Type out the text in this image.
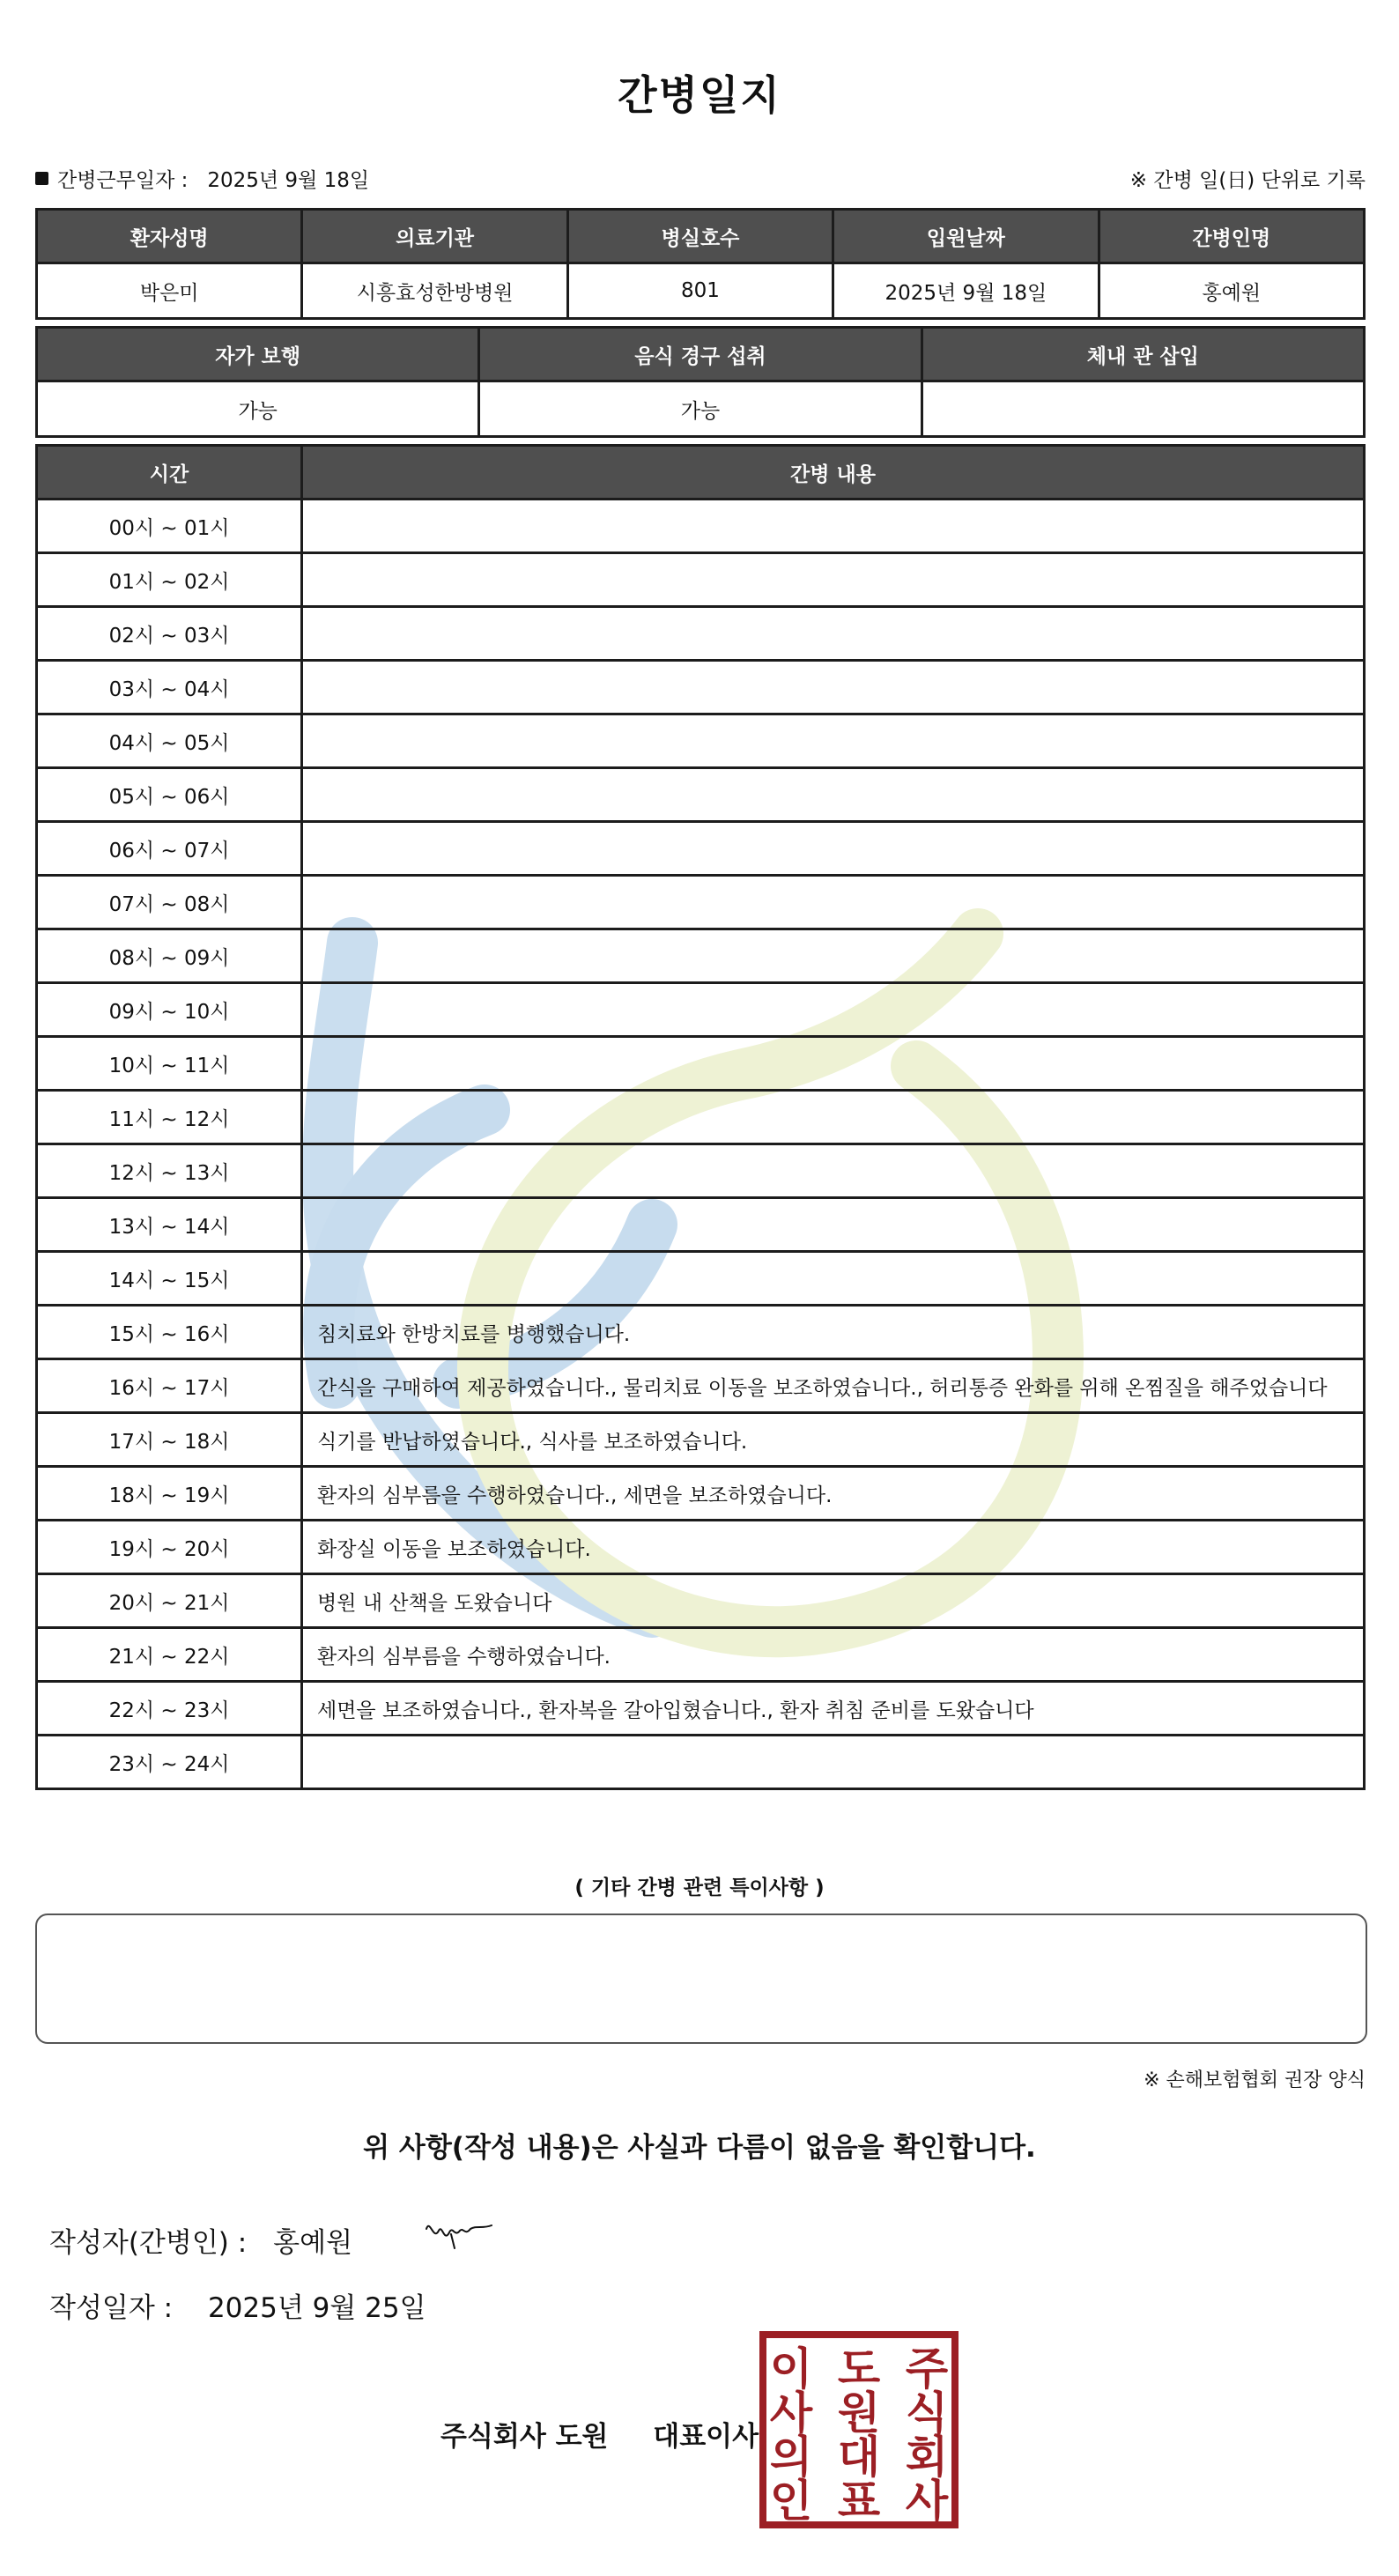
간병일지
간병근무일자 : 2025년 9월 18일	※ 간병 일(日) 단위로 기록
환자성명	의료기관	병실호수	입원날짜	간병인명
박은미	시흥효성한방병원	801	2025년 9월 18일	홍예원
자가 보행	음식 경구 섭취	체내 관 삽입
가능	가능	
시간	간병 내용
00시 ~ 01시	
01시 ~ 02시	
02시 ~ 03시	
03시 ~ 04시	
04시 ~ 05시	
05시 ~ 06시	
06시 ~ 07시	
07시 ~ 08시	
08시 ~ 09시	
09시 ~ 10시	
10시 ~ 11시	
11시 ~ 12시	
12시 ~ 13시	
13시 ~ 14시	
14시 ~ 15시	
15시 ~ 16시	침치료와 한방치료를 병행했습니다.
16시 ~ 17시	간식을 구매하여 제공하였습니다., 물리치료 이동을 보조하였습니다., 허리통증 완화를 위해 온찜질을 해주었습니다
17시 ~ 18시	식기를 반납하였습니다., 식사를 보조하였습니다.
18시 ~ 19시	환자의 심부름을 수행하였습니다., 세면을 보조하였습니다.
19시 ~ 20시	화장실 이동을 보조하였습니다.
20시 ~ 21시	병원 내 산책을 도왔습니다
21시 ~ 22시	환자의 심부름을 수행하였습니다.
22시 ~ 23시	세면을 보조하였습니다., 환자복을 갈아입혔습니다., 환자 취침 준비를 도왔습니다
23시 ~ 24시	
( 기타 간병 관련 특이사항 )
※ 손해보험협회 권장 양식
위 사항(작성 내용)은 사실과 다름이 없음을 확인합니다.
작성자(간병인) : 홍예원
작성일자 : 2025년 9월 25일
주식회사 도원 대표이사
주
식
회
사
도
원
대
표
이
사
의
인
